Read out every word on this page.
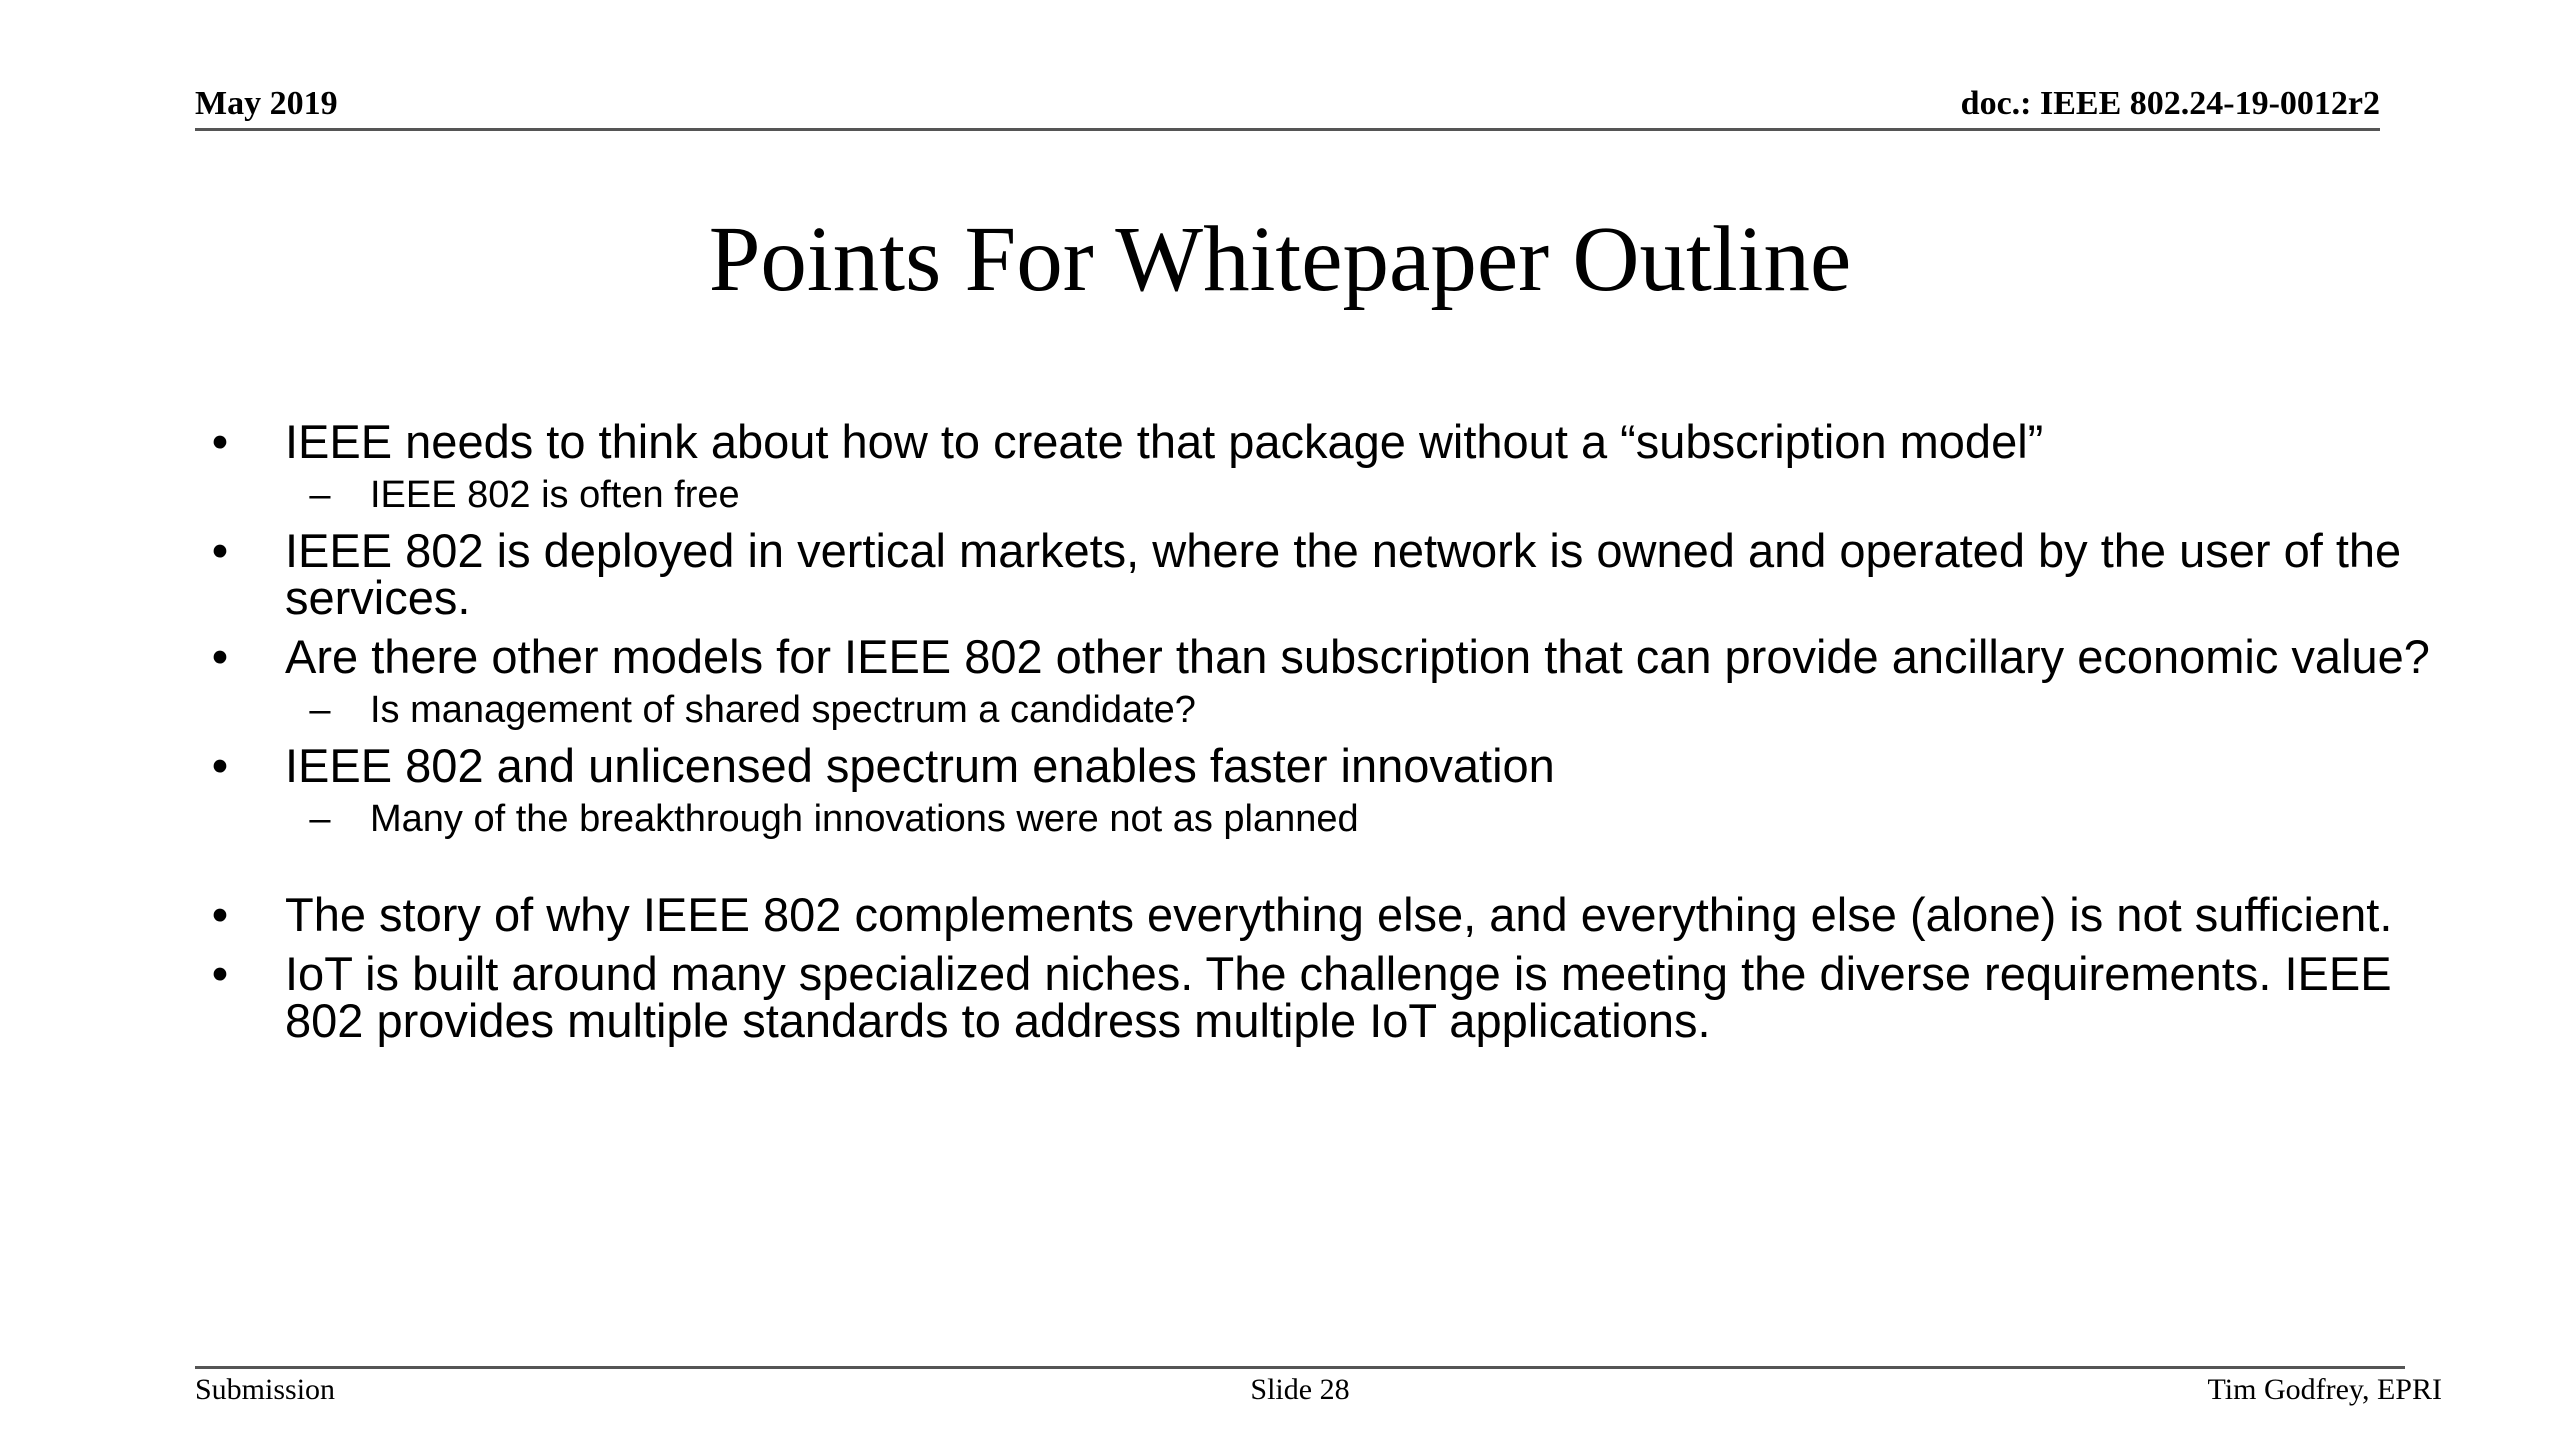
May 2019	doc.: IEEE 802.24-19-0012r2
Points For Whitepaper Outline
• IEEE needs to think about how to create that package without a “subscription model”
– IEEE 802 is often free
• IEEE 802 is deployed in vertical markets, where the network is owned and operated by the user of the services.
• Are there other models for IEEE 802 other than subscription that can provide ancillary economic value?
– Is management of shared spectrum a candidate?
• IEEE 802 and unlicensed spectrum enables faster innovation
– Many of the breakthrough innovations were not as planned
• The story of why IEEE 802 complements everything else, and everything else (alone) is not sufficient.
• IoT is built around many specialized niches. The challenge is meeting the diverse requirements. IEEE 802 provides multiple standards to address multiple IoT applications.
Submission	Slide 28	Tim Godfrey, EPRI
